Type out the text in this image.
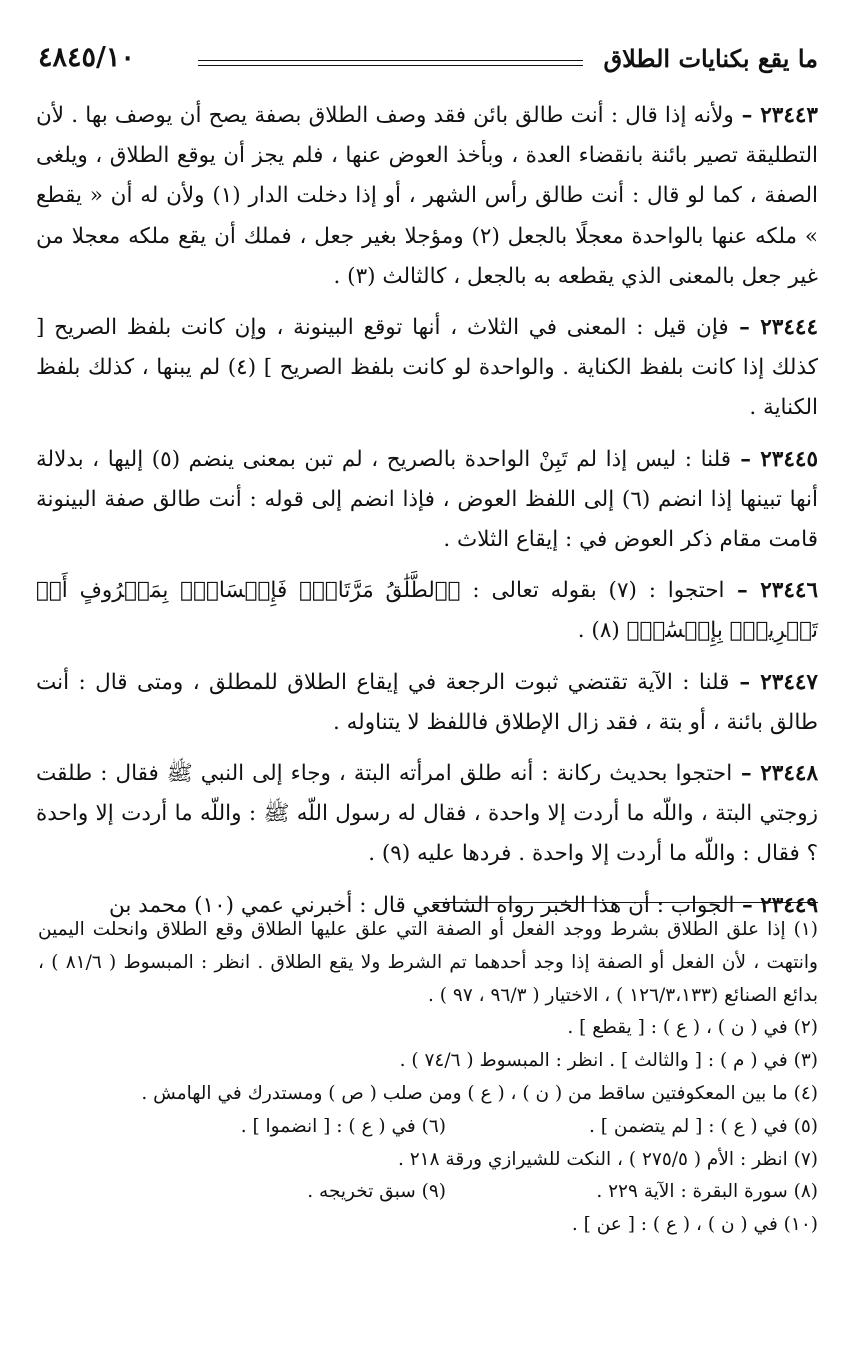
ما يقع بكنايات الطلاق
٤٨٤٥/١٠

٢٣٤٤٣ – ولأنه إذا قال : أنت طالق بائن فقد وصف الطلاق بصفة يصح أن يوصف بها . لأن التطليقة تصير بائنة بانقضاء العدة ، وبأخذ العوض عنها ، فلم يجز أن يوقع الطلاق ، ويلغى الصفة ، كما لو قال : أنت طالق رأس الشهر ، أو إذا دخلت الدار (١) ولأن له أن « يقطع » ملكه عنها بالواحدة معجلًا بالجعل (٢) ومؤجلا بغير جعل ، فملك أن يقع ملكه معجلا من غير جعل بالمعنى الذي يقطعه به بالجعل ، كالثالث (٣) .

٢٣٤٤٤ – فإن قيل : المعنى في الثلاث ، أنها توقع البينونة ، وإن كانت بلفظ الصريح [ كذلك إذا كانت بلفظ الكناية . والواحدة لو كانت بلفظ الصريح ] (٤) لم يبنها ، كذلك بلفظ الكناية .

٢٣٤٤٥ – قلنا : ليس إذا لم تَبِنْ الواحدة بالصريح ، لم تبن بمعنى ينضم (٥) إليها ، بدلالة أنها تبينها إذا انضم (٦) إلى اللفظ العوض ، فإذا انضم إلى قوله : أنت طالق صفة البينونة قامت مقام ذكر العوض في : إيقاع الثلاث .

٢٣٤٤٦ – احتجوا : (٧) بقوله تعالى : ﴿ٱلطَّلَٰقُ مَرَّتَانِۖ فَإِمۡسَاكُۢ بِمَعۡرُوفٍ أَوۡ تَسۡرِيحُۢ بِإِحۡسَٰنٖ﴾ (٨) .

٢٣٤٤٧ – قلنا : الآية تقتضي ثبوت الرجعة في إيقاع الطلاق للمطلق ، ومتى قال : أنت طالق بائنة ، أو بتة ، فقد زال الإطلاق فاللفظ لا يتناوله .

٢٣٤٤٨ – احتجوا بحديث ركانة : أنه طلق امرأته البتة ، وجاء إلى النبي ﷺ فقال : طلقت زوجتي البتة ، واللّه ما أردت إلا واحدة ، فقال له رسول اللّه ﷺ : واللّه ما أردت إلا واحدة ؟ فقال : واللّه ما أردت إلا واحدة . فردها عليه (٩) .

٢٣٤٤٩ – الجواب : أن هذا الخبر رواه الشافعي قال : أخبرني عمي (١٠) محمد بن

(١) إذا علق الطلاق بشرط ووجد الفعل أو الصفة التي علق عليها الطلاق وقع الطلاق وانحلت اليمين وانتهت ، لأن الفعل أو الصفة إذا وجد أحدهما تم الشرط ولا يقع الطلاق . انظر : المبسوط ( ٨١/٦ ) ، بدائع الصنائع (١٢٦/٣،١٣٣ ) ، الاختيار ( ٩٦/٣ ، ٩٧ ) .

(٢) في ( ن ) ، ( ع ) : [ يقطع ] .

(٣) في ( م ) : [ والثالث ] . انظر : المبسوط ( ٧٤/٦ ) .

(٤) ما بين المعكوفتين ساقط من ( ن ) ، ( ع ) ومن صلب ( ص ) ومستدرك في الهامش .

(٥) في ( ع ) : [ لم يتضمن ] .
(٦) في ( ع ) : [ انضموا ] .

(٧) انظر : الأم ( ٢٧٥/٥ ) ، النكت للشيرازي ورقة ٢١٨ .

(٨) سورة البقرة : الآية ٢٢٩ .
(٩) سبق تخريجه .

(١٠) في ( ن ) ، ( ع ) : [ عن ] .
